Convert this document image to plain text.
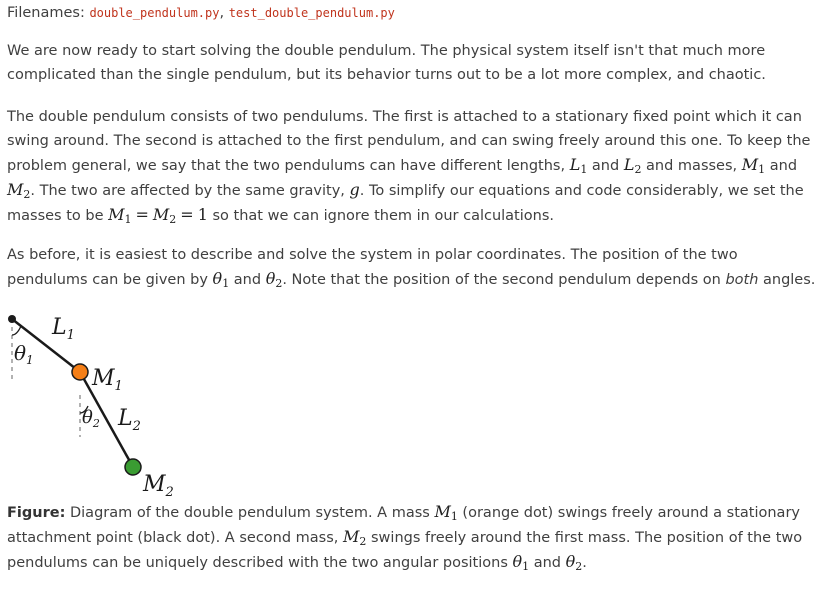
Filenames: double_pendulum.py, test_double_pendulum.py

We are now ready to start solving the double pendulum. The physical system itself isn't that much more complicated than the single pendulum, but its behavior turns out to be a lot more complex, and chaotic.

The double pendulum consists of two pendulums. The first is attached to a stationary fixed point which it can swing around. The second is attached to the first pendulum, and can swing freely around this one. To keep the problem general, we say that the two pendulums can have different lengths, $L_1$ and $L_2$ and masses, $M_1$ and $M_2$. The two are affected by the same gravity, g. To simplify our equations and code considerably, we set the masses to be $M_1 = M_2 = 1$ so that we can ignore them in our calculations.

As before, it is easiest to describe and solve the system in polar coordinates. The position of the two pendulums can be given by $\theta_1$ and $\theta_2$. Note that the position of the second pendulum depends on both angles.

$\theta_1$
$L_1$
$M_1$
$\theta_2$ $L_2$
$M_2$

Figure: Diagram of the double pendulum system. A mass $M_1$ (orange dot) swings freely around a stationary attachment point (black dot). A second mass, $M_2$ swings freely around the first mass. The position of the two pendulums can be uniquely described with the two angular positions $\theta_1$ and $\theta_2$.
